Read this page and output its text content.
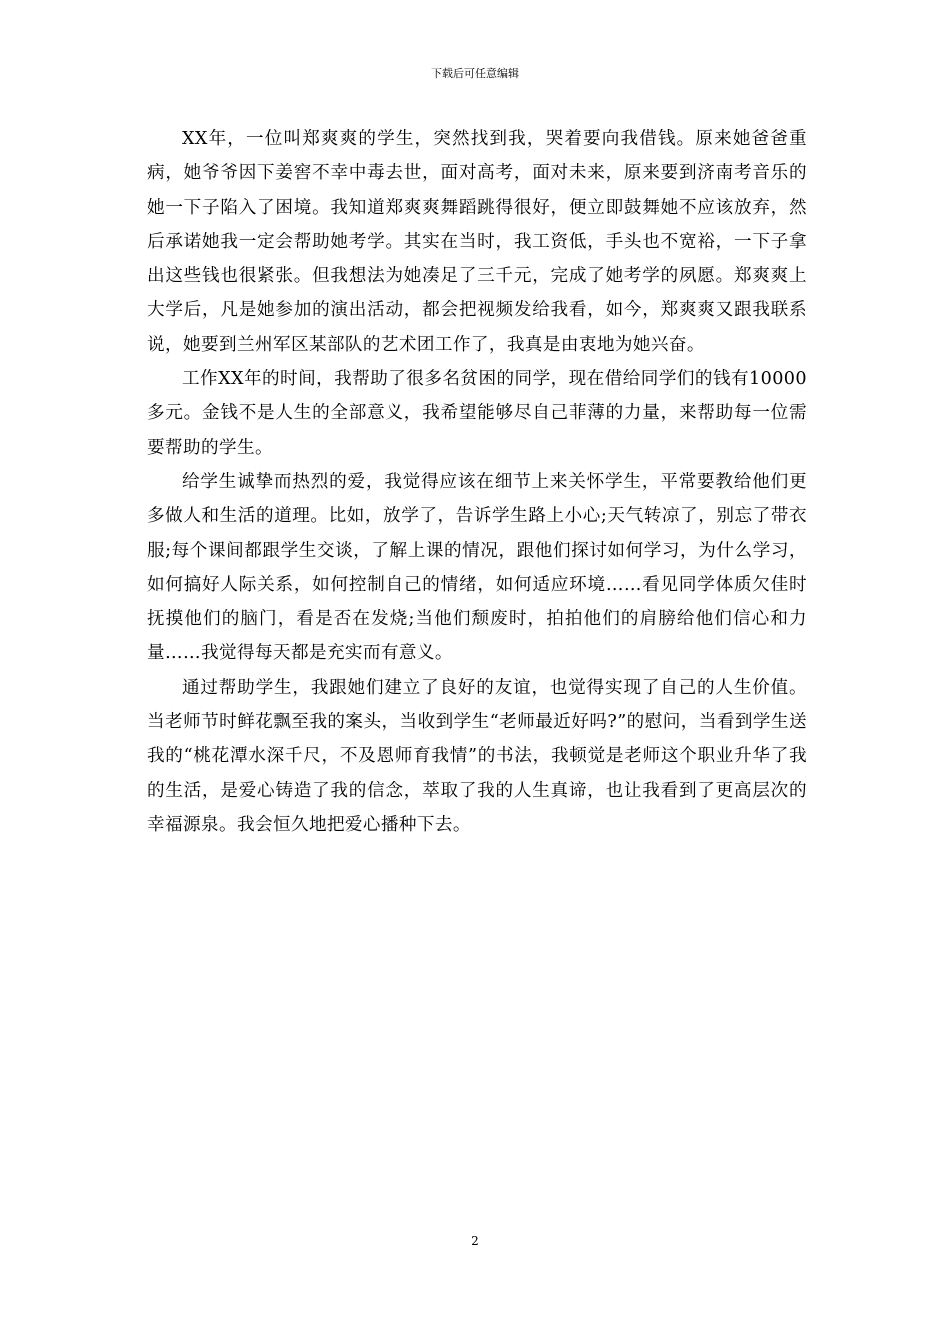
下载后可任意编辑

XX年，一位叫郑爽爽的学生，突然找到我，哭着要向我借钱。原来她爸爸重病，她爷爷因下姜窖不幸中毒去世，面对高考，面对未来，原来要到济南考音乐的她一下子陷入了困境。我知道郑爽爽舞蹈跳得很好，便立即鼓舞她不应该放弃，然后承诺她我一定会帮助她考学。其实在当时，我工资低，手头也不宽裕，一下子拿出这些钱也很紧张。但我想法为她凑足了三千元，完成了她考学的夙愿。郑爽爽上大学后，凡是她参加的演出活动，都会把视频发给我看，如今，郑爽爽又跟我联系说，她要到兰州军区某部队的艺术团工作了，我真是由衷地为她兴奋。

工作XX年的时间，我帮助了很多名贫困的同学，现在借给同学们的钱有10000多元。金钱不是人生的全部意义，我希望能够尽自己菲薄的力量，来帮助每一位需要帮助的学生。

给学生诚挚而热烈的爱，我觉得应该在细节上来关怀学生，平常要教给他们更多做人和生活的道理。比如，放学了，告诉学生路上小心;天气转凉了，别忘了带衣服;每个课间都跟学生交谈，了解上课的情况，跟他们探讨如何学习，为什么学习，如何搞好人际关系，如何控制自己的情绪，如何适应环境……看见同学体质欠佳时抚摸他们的脑门，看是否在发烧;当他们颓废时，拍拍他们的肩膀给他们信心和力量……我觉得每天都是充实而有意义。

通过帮助学生，我跟她们建立了良好的友谊，也觉得实现了自己的人生价值。当老师节时鲜花飘至我的案头，当收到学生“老师最近好吗?”的慰问，当看到学生送我的“桃花潭水深千尺，不及恩师育我情”的书法，我顿觉是老师这个职业升华了我的生活，是爱心铸造了我的信念，萃取了我的人生真谛，也让我看到了更高层次的幸福源泉。我会恒久地把爱心播种下去。

2
